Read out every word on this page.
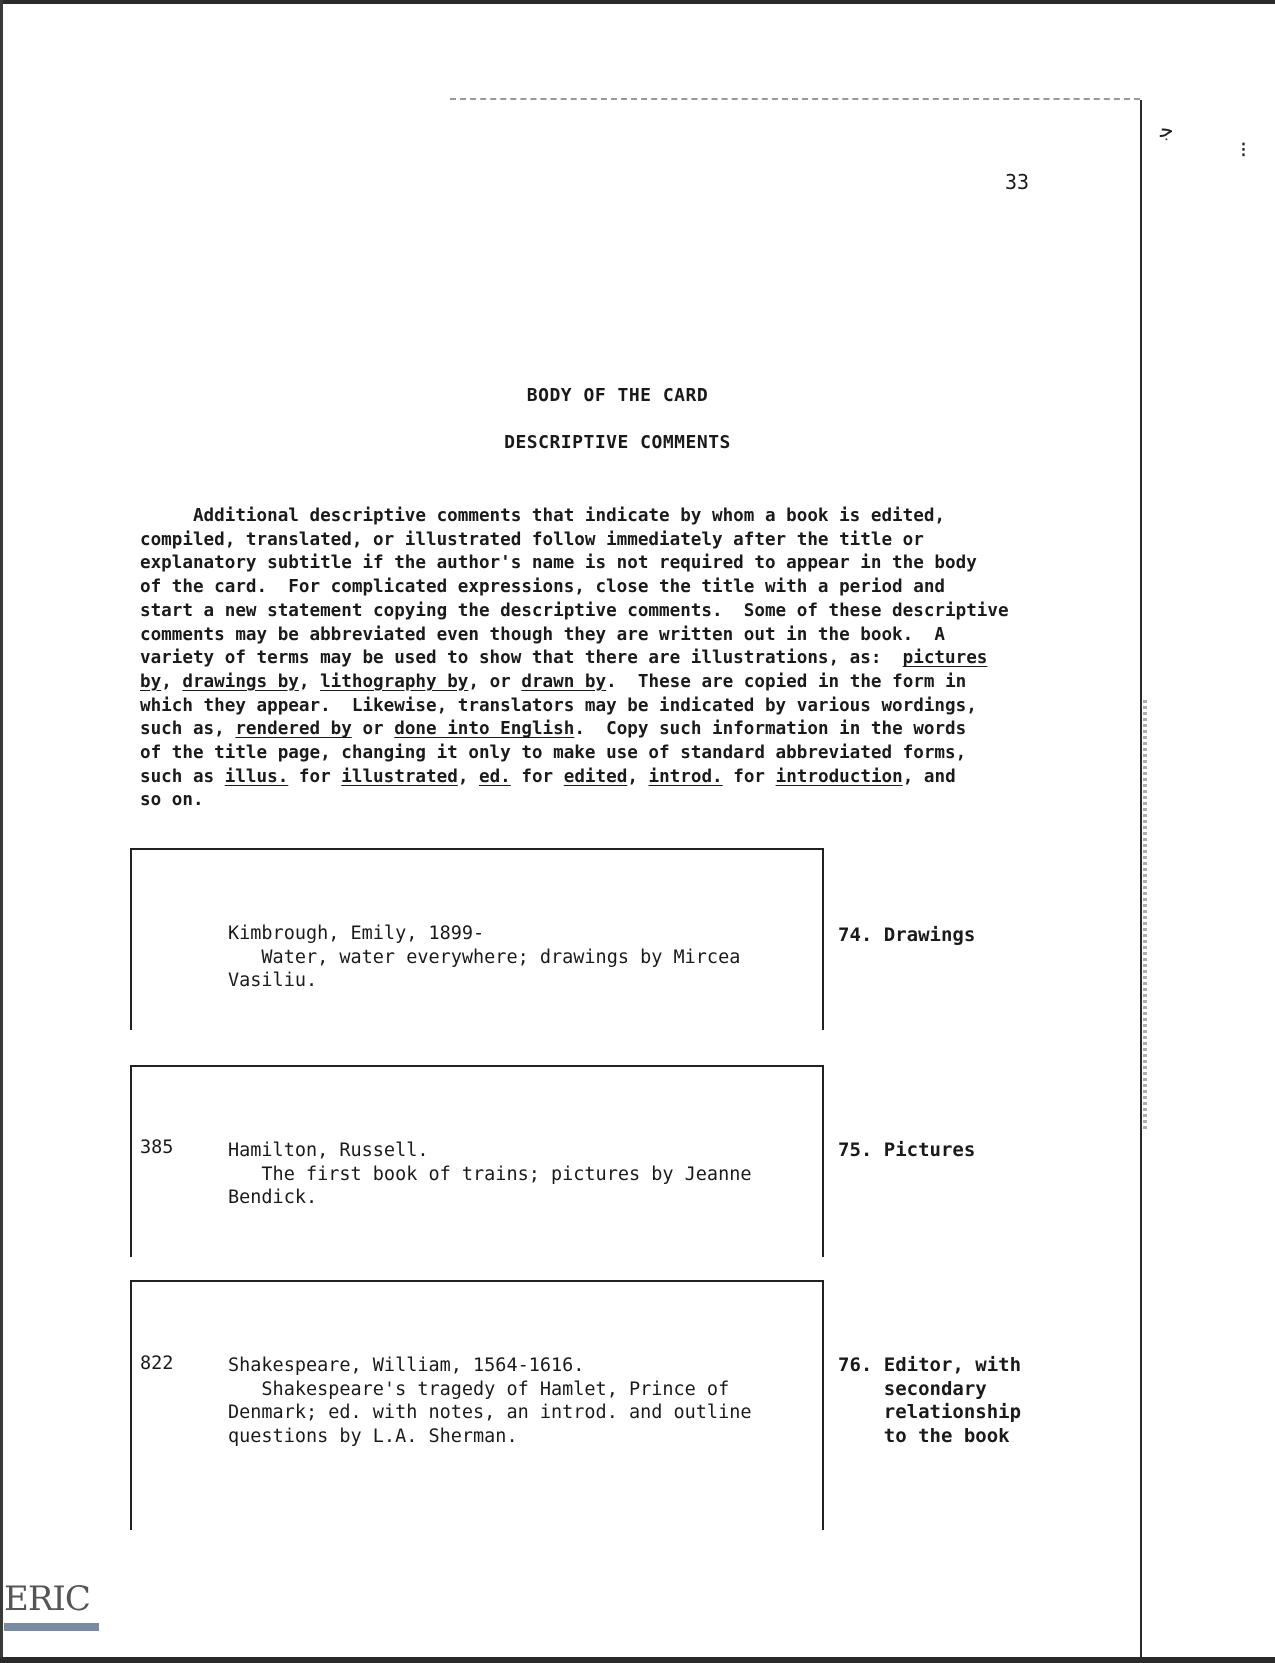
ﺟ
⁝
33
BODY OF THE CARD
DESCRIPTIVE COMMENTS
Additional descriptive comments that indicate by whom a book is edited,
compiled, translated, or illustrated follow immediately after the title or
explanatory subtitle if the author's name is not required to appear in the body
of the card.  For complicated expressions, close the title with a period and
start a new statement copying the descriptive comments.  Some of these descriptive
comments may be abbreviated even though they are written out in the book.  A
variety of terms may be used to show that there are illustrations, as:  pictures
by, drawings by, lithography by, or drawn by.  These are copied in the form in
which they appear.  Likewise, translators may be indicated by various wordings,
such as, rendered by or done into English.  Copy such information in the words
of the title page, changing it only to make use of standard abbreviated forms,
such as illus. for illustrated, ed. for edited, introd. for introduction, and
so on.
Kimbrough, Emily, 1899-
Water, water everywhere; drawings by Mircea
Vasiliu.
74. Drawings
385	Hamilton, Russell.
The first book of trains; pictures by Jeanne
Bendick.
75. Pictures
822	Shakespeare, William, 1564-1616.
Shakespeare's tragedy of Hamlet, Prince of
Denmark; ed. with notes, an introd. and outline
questions by L.A. Sherman.
76. Editor, with
secondary
relationship
to the book
ERIC
